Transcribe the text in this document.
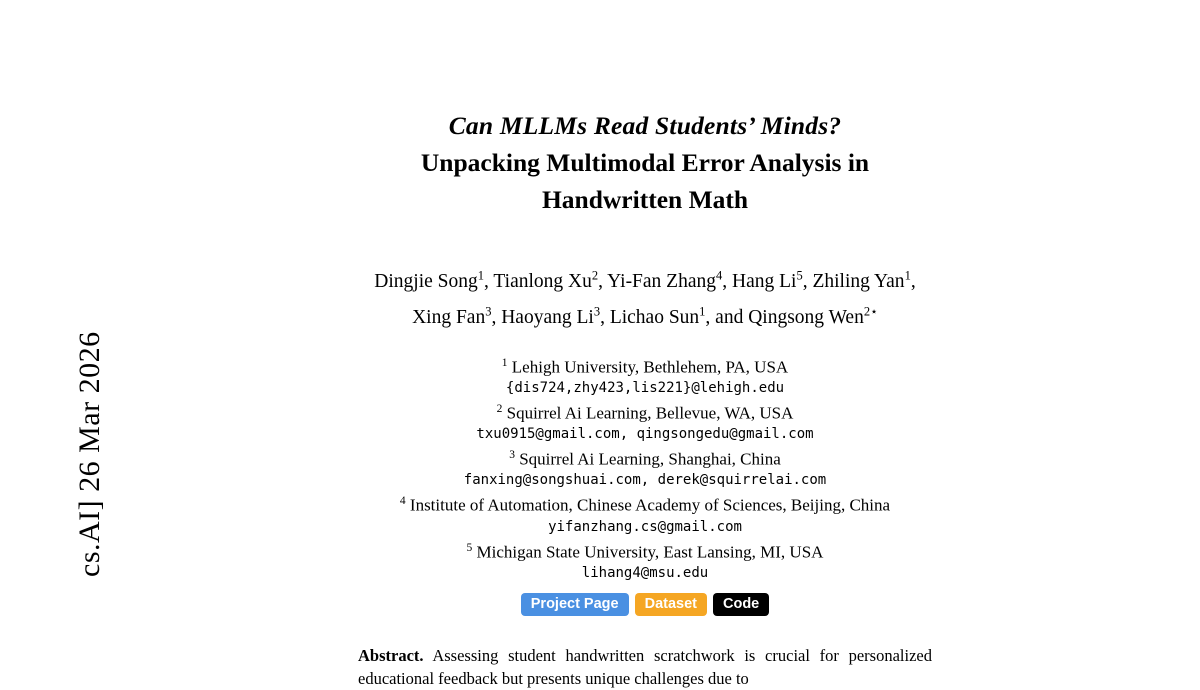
cs.AI] 26 Mar 2026
Can MLLMs Read Students’ Minds?
Unpacking Multimodal Error Analysis in
Handwritten Math
Dingjie Song$^1$, Tianlong Xu$^2$, Yi-Fan Zhang$^4$, Hang Li$^5$, Zhiling Yan$^1$,
Xing Fan$^3$, Haoyang Li$^3$, Lichao Sun$^1$, and Qingsong Wen$^{2⋆}$
$^1$ Lehigh University, Bethlehem, PA, USA
{dis724,zhy423,lis221}@lehigh.edu
$^2$ Squirrel Ai Learning, Bellevue, WA, USA
txu0915@gmail.com, qingsongedu@gmail.com
$^3$ Squirrel Ai Learning, Shanghai, China
fanxing@songshuai.com, derek@squirrelai.com
$^4$ Institute of Automation, Chinese Academy of Sciences, Beijing, China
yifanzhang.cs@gmail.com
$^5$ Michigan State University, East Lansing, MI, USA
lihang4@msu.edu
Project Page Dataset Code
Abstract. Assessing student handwritten scratchwork is crucial for personalized educational feedback but presents unique challenges due to
